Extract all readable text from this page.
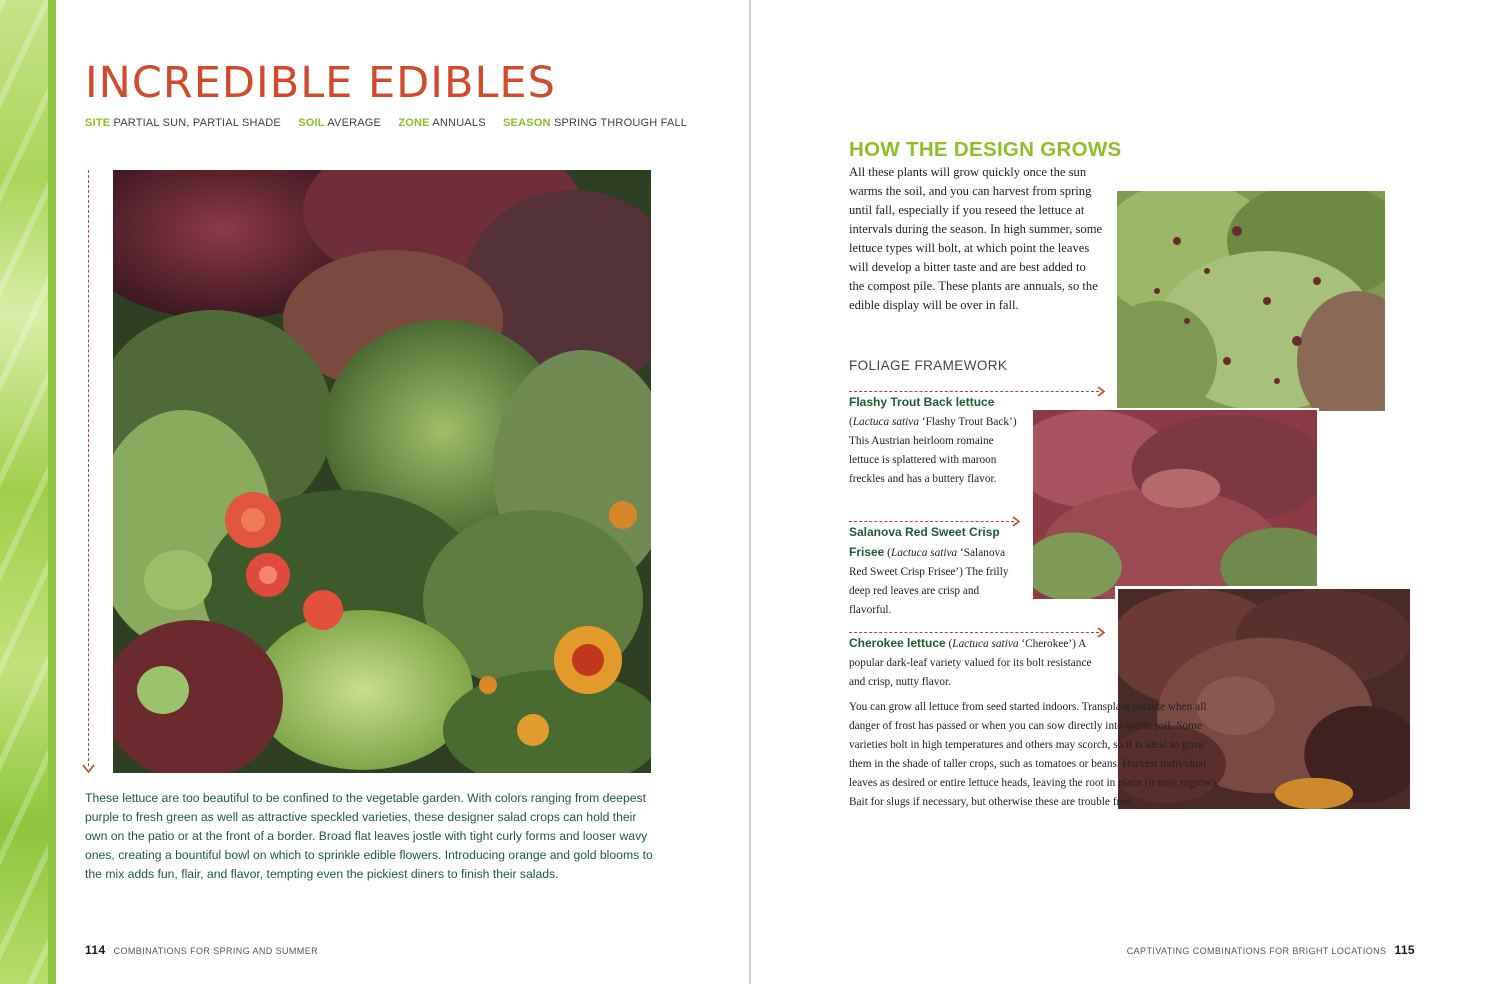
INCREDIBLE EDIBLES
SITE PARTIAL SUN, PARTIAL SHADE SOIL AVERAGE ZONE ANNUALS SEASON SPRING THROUGH FALL

These lettuce are too beautiful to be confined to the vegetable garden. With colors ranging from deepest purple to fresh green as well as attractive speckled varieties, these designer salad crops can hold their own on the patio or at the front of a border. Broad flat leaves jostle with tight curly forms and looser wavy ones, creating a bountiful bowl on which to sprinkle edible flowers. Introducing orange and gold blooms to the mix adds fun, flair, and flavor, tempting even the pickiest diners to finish their salads.

114 COMBINATIONS FOR SPRING AND SUMMER
HOW THE DESIGN GROWS

All these plants will grow quickly once the sun warms the soil, and you can harvest from spring until fall, especially if you reseed the lettuce at intervals during the season. In high summer, some lettuce types will bolt, at which point the leaves will develop a bitter taste and are best added to the compost pile. These plants are annuals, so the edible display will be over in fall.

FOLIAGE FRAMEWORK

Flashy Trout Back lettuce
(Lactuca sativa ‘Flashy Trout Back’) This Austrian heirloom romaine lettuce is splattered with maroon freckles and has a buttery flavor.

Salanova Red Sweet Crisp Frisee (Lactuca sativa ‘Salanova Red Sweet Crisp Frisee’) The frilly deep red leaves are crisp and flavorful.

Cherokee lettuce (Lactuca sativa ‘Cherokee’) A popular dark-leaf variety valued for its bolt resistance and crisp, nutty flavor.

You can grow all lettuce from seed started indoors. Transplant outside when all danger of frost has passed or when you can sow directly into warm soil. Some varieties bolt in high temperatures and others may scorch, so it is ideal to grow them in the shade of taller crops, such as tomatoes or beans. Harvest individual leaves as desired or entire lettuce heads, leaving the root in place (it may regrow). Bait for slugs if necessary, but otherwise these are trouble free.

CAPTIVATING COMBINATIONS FOR BRIGHT LOCATIONS 115
